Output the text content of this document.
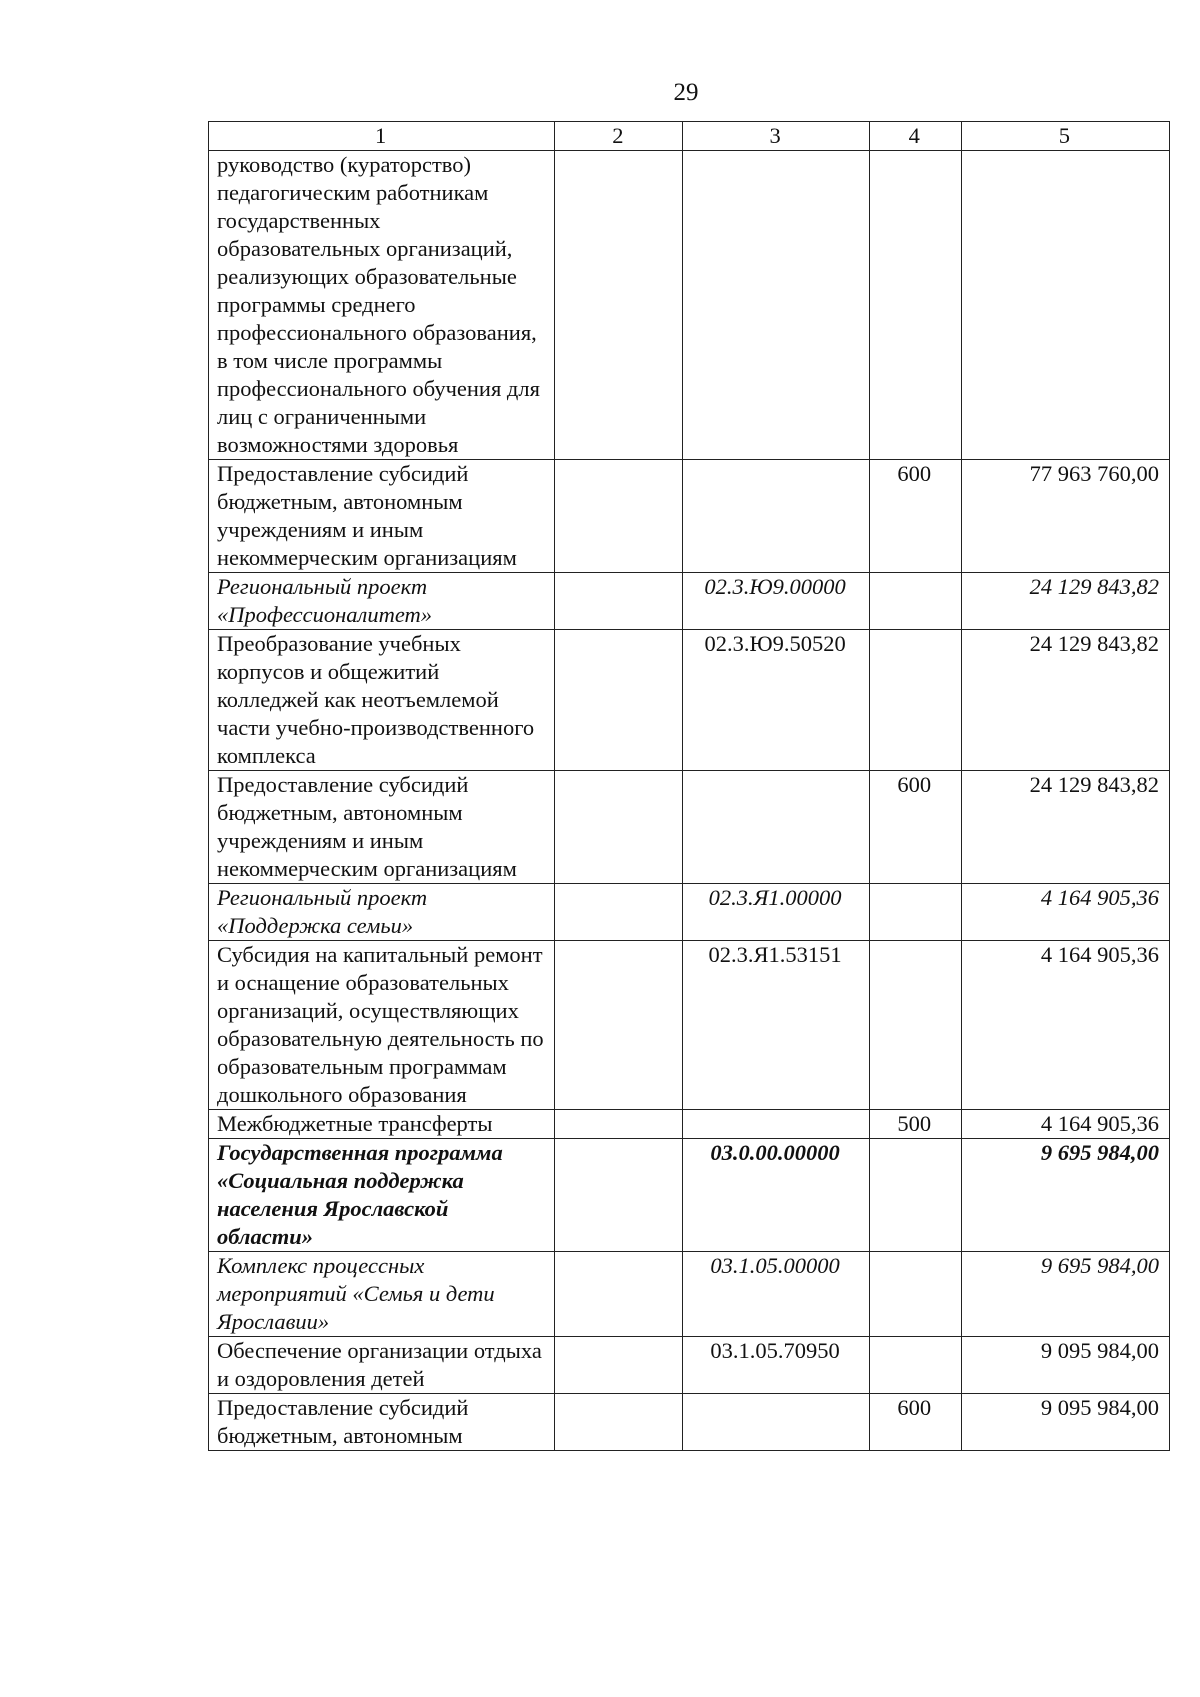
29
1	2	3	4	5
руководство (кураторство) педагогическим работникам государственных образовательных организаций, реализующих образовательные программы среднего профессионального образования, в том числе программы профессионального обучения для лиц с ограниченными возможностями здоровья				
Предоставление субсидий бюджетным, автономным учреждениям и иным некоммерческим организациям			600	77 963 760,00
Региональный проект «Профессионалитет»		02.3.Ю9.00000		24 129 843,82
Преобразование учебных корпусов и общежитий колледжей как неотъемлемой части учебно-производственного комплекса		02.3.Ю9.50520		24 129 843,82
Предоставление субсидий бюджетным, автономным учреждениям и иным некоммерческим организациям			600	24 129 843,82
Региональный проект «Поддержка семьи»		02.3.Я1.00000		4 164 905,36
Субсидия на капитальный ремонт и оснащение образовательных организаций, осуществляющих образовательную деятельность по образовательным программам дошкольного образования		02.3.Я1.53151		4 164 905,36
Межбюджетные трансферты			500	4 164 905,36
Государственная программа «Социальная поддержка населения Ярославской области»		03.0.00.00000		9 695 984,00
Комплекс процессных мероприятий «Семья и дети Ярославии»		03.1.05.00000		9 695 984,00
Обеспечение организации отдыха и оздоровления детей		03.1.05.70950		9 095 984,00
Предоставление субсидий бюджетным, автономным			600	9 095 984,00
